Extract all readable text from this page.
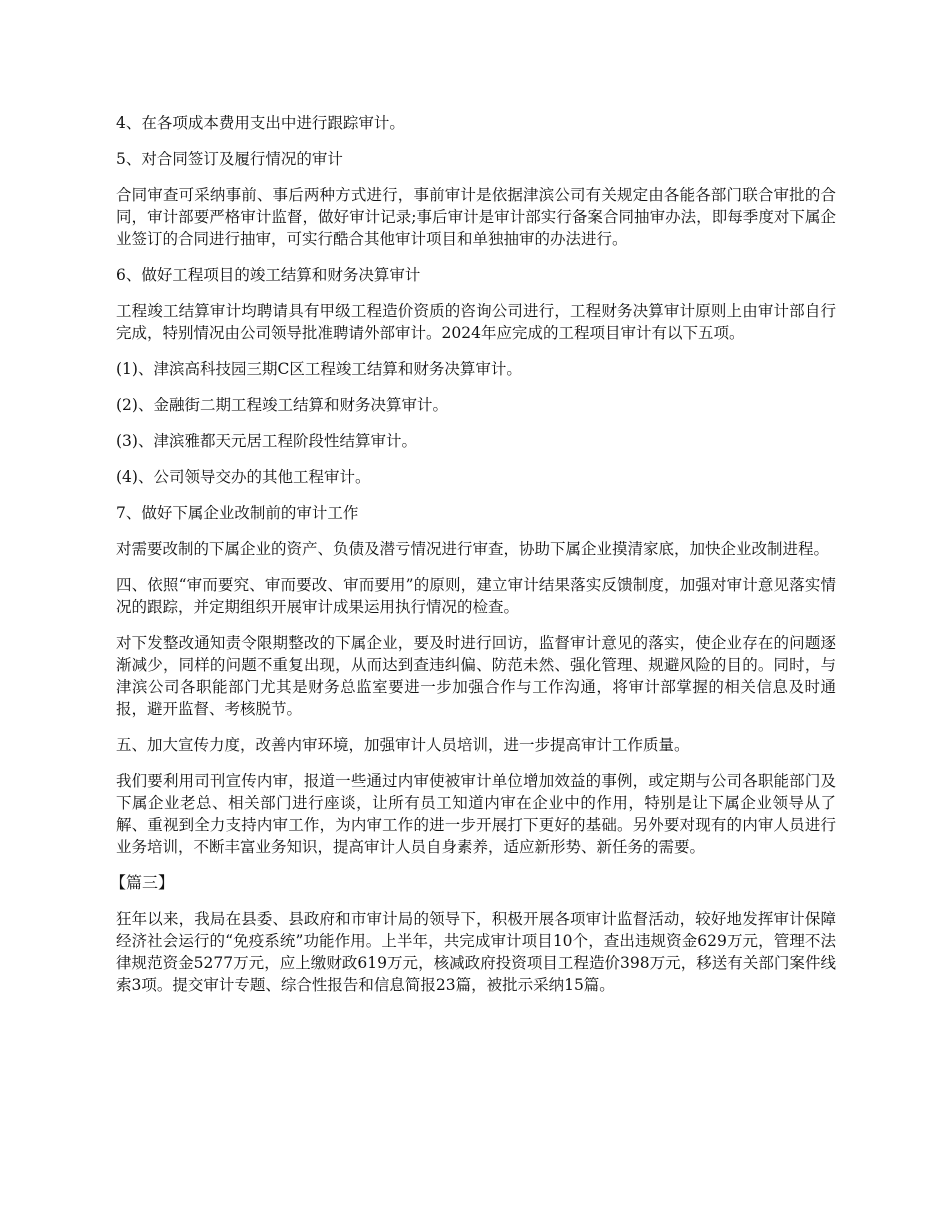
4、在各项成本费用支出中进行跟踪审计。

5、对合同签订及履行情况的审计

合同审查可采纳事前、事后两种方式进行，事前审计是依据津滨公司有关规定由各能各部门联合审批的合同，审计部要严格审计监督，做好审计记录;事后审计是审计部实行备案合同抽审办法，即每季度对下属企业签订的合同进行抽审，可实行酷合其他审计项目和单独抽审的办法进行。

6、做好工程项目的竣工结算和财务决算审计

工程竣工结算审计均聘请具有甲级工程造价资质的咨询公司进行，工程财务决算审计原则上由审计部自行完成，特别情况由公司领导批准聘请外部审计。2024年应完成的工程项目审计有以下五项。

(1)、津滨高科技园三期C区工程竣工结算和财务决算审计。

(2)、金融街二期工程竣工结算和财务决算审计。

(3)、津滨雅都天元居工程阶段性结算审计。

(4)、公司领导交办的其他工程审计。

7、做好下属企业改制前的审计工作

对需要改制的下属企业的资产、负债及潜亏情况进行审查，协助下属企业摸清家底，加快企业改制进程。

四、依照“审而要究、审而要改、审而要用”的原则，建立审计结果落实反馈制度，加强对审计意见落实情况的跟踪，并定期组织开展审计成果运用执行情况的检查。

对下发整改通知责令限期整改的下属企业，要及时进行回访，监督审计意见的落实，使企业存在的问题逐渐减少，同样的问题不重复出现，从而达到查违纠偏、防范未然、强化管理、规避风险的目的。同时，与津滨公司各职能部门尤其是财务总监室要进一步加强合作与工作沟通，将审计部掌握的相关信息及时通报，避开监督、考核脱节。

五、加大宣传力度，改善内审环境，加强审计人员培训，进一步提高审计工作质量。

我们要利用司刊宣传内审，报道一些通过内审使被审计单位增加效益的事例，或定期与公司各职能部门及下属企业老总、相关部门进行座谈，让所有员工知道内审在企业中的作用，特别是让下属企业领导从了解、重视到全力支持内审工作，为内审工作的进一步开展打下更好的基础。另外要对现有的内审人员进行业务培训，不断丰富业务知识，提高审计人员自身素养，适应新形势、新任务的需要。

【篇三】

狂年以来，我局在县委、县政府和市审计局的领导下，积极开展各项审计监督活动，较好地发挥审计保障经济社会运行的“免疫系统”功能作用。上半年，共完成审计项目10个，查出违规资金629万元，管理不法律规范资金5277万元，应上缴财政619万元，核减政府投资项目工程造价398万元，移送有关部门案件线索3项。提交审计专题、综合性报告和信息简报23篇，被批示采纳15篇。
